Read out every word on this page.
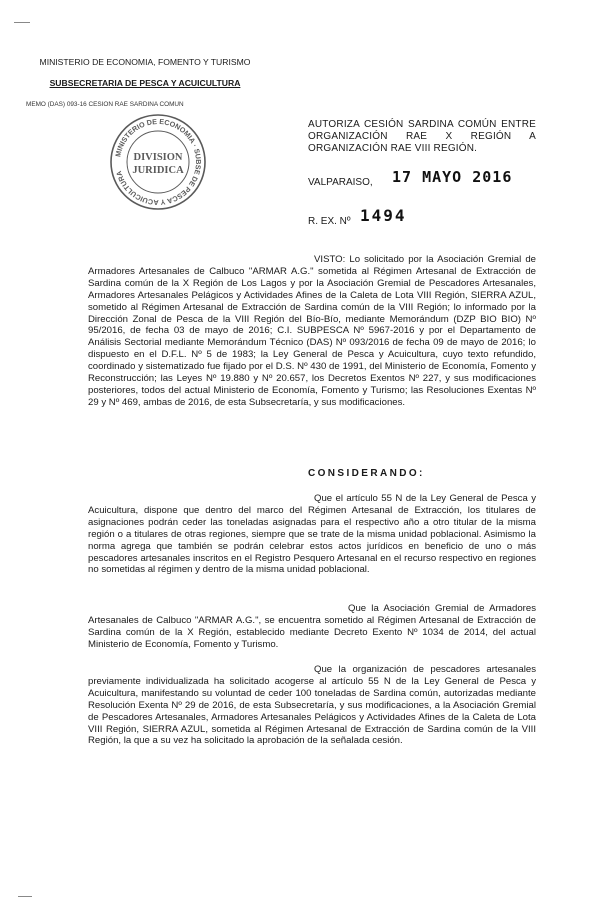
MINISTERIO DE ECONOMIA, FOMENTO Y TURISMO
SUBSECRETARIA DE PESCA Y ACUICULTURA
MEMO (DAS) 093-16 CESION RAE SARDINA COMUN
MINISTERIO DE ECONOMIA · SUBSE DE PESCA Y ACUICULTURA
DIVISION
JURIDICA
AUTORIZA CESIÓN SARDINA COMÚN ENTRE ORGANIZACIÓN RAE X REGIÓN A ORGANIZACIÓN RAE VIII REGIÓN.
VALPARAISO, 17 MAYO 2016
R. EX. Nº 1494
VISTO: Lo solicitado por la Asociación Gremial de Armadores Artesanales de Calbuco "ARMAR A.G." sometida al Régimen Artesanal de Extracción de Sardina común de la X Región de Los Lagos y por la Asociación Gremial de Pescadores Artesanales, Armadores Artesanales Pelágicos y Actividades Afines de la Caleta de Lota VIII Región, SIERRA AZUL, sometido al Régimen Artesanal de Extracción de Sardina común de la VIII Región; lo informado por la Dirección Zonal de Pesca de la VIII Región del Bío-Bío, mediante Memorándum (DZP BIO BIO) Nº 95/2016, de fecha 03 de mayo de 2016; C.I. SUBPESCA Nº 5967-2016 y por el Departamento de Análisis Sectorial mediante Memorándum Técnico (DAS) Nº 093/2016 de fecha 09 de mayo de 2016; lo dispuesto en el D.F.L. Nº 5 de 1983; la Ley General de Pesca y Acuicultura, cuyo texto refundido, coordinado y sistematizado fue fijado por el D.S. Nº 430 de 1991, del Ministerio de Economía, Fomento y Reconstrucción; las Leyes Nº 19.880 y Nº 20.657, los Decretos Exentos Nº 227, y sus modificaciones posteriores, todos del actual Ministerio de Economía, Fomento y Turismo; las Resoluciones Exentas Nº 29 y Nº 469, ambas de 2016, de esta Subsecretaría, y sus modificaciones.
CONSIDERANDO:
Que el artículo 55 N de la Ley General de Pesca y Acuicultura, dispone que dentro del marco del Régimen Artesanal de Extracción, los titulares de asignaciones podrán ceder las toneladas asignadas para el respectivo año a otro titular de la misma región o a titulares de otras regiones, siempre que se trate de la misma unidad poblacional. Asimismo la norma agrega que también se podrán celebrar estos actos jurídicos en beneficio de uno o más pescadores artesanales inscritos en el Registro Pesquero Artesanal en el recurso respectivo en regiones no sometidas al régimen y dentro de la misma unidad poblacional.
Que la Asociación Gremial de Armadores Artesanales de Calbuco "ARMAR A.G.", se encuentra sometido al Régimen Artesanal de Extracción de Sardina común de la X Región, establecido mediante Decreto Exento Nº 1034 de 2014, del actual Ministerio de Economía, Fomento y Turismo.
Que la organización de pescadores artesanales previamente individualizada ha solicitado acogerse al artículo 55 N de la Ley General de Pesca y Acuicultura, manifestando su voluntad de ceder 100 toneladas de Sardina común, autorizadas mediante Resolución Exenta Nº 29 de 2016, de esta Subsecretaría, y sus modificaciones, a la Asociación Gremial de Pescadores Artesanales, Armadores Artesanales Pelágicos y Actividades Afines de la Caleta de Lota VIII Región, SIERRA AZUL, sometida al Régimen Artesanal de Extracción de Sardina común de la VIII Región, la que a su vez ha solicitado la aprobación de la señalada cesión.
